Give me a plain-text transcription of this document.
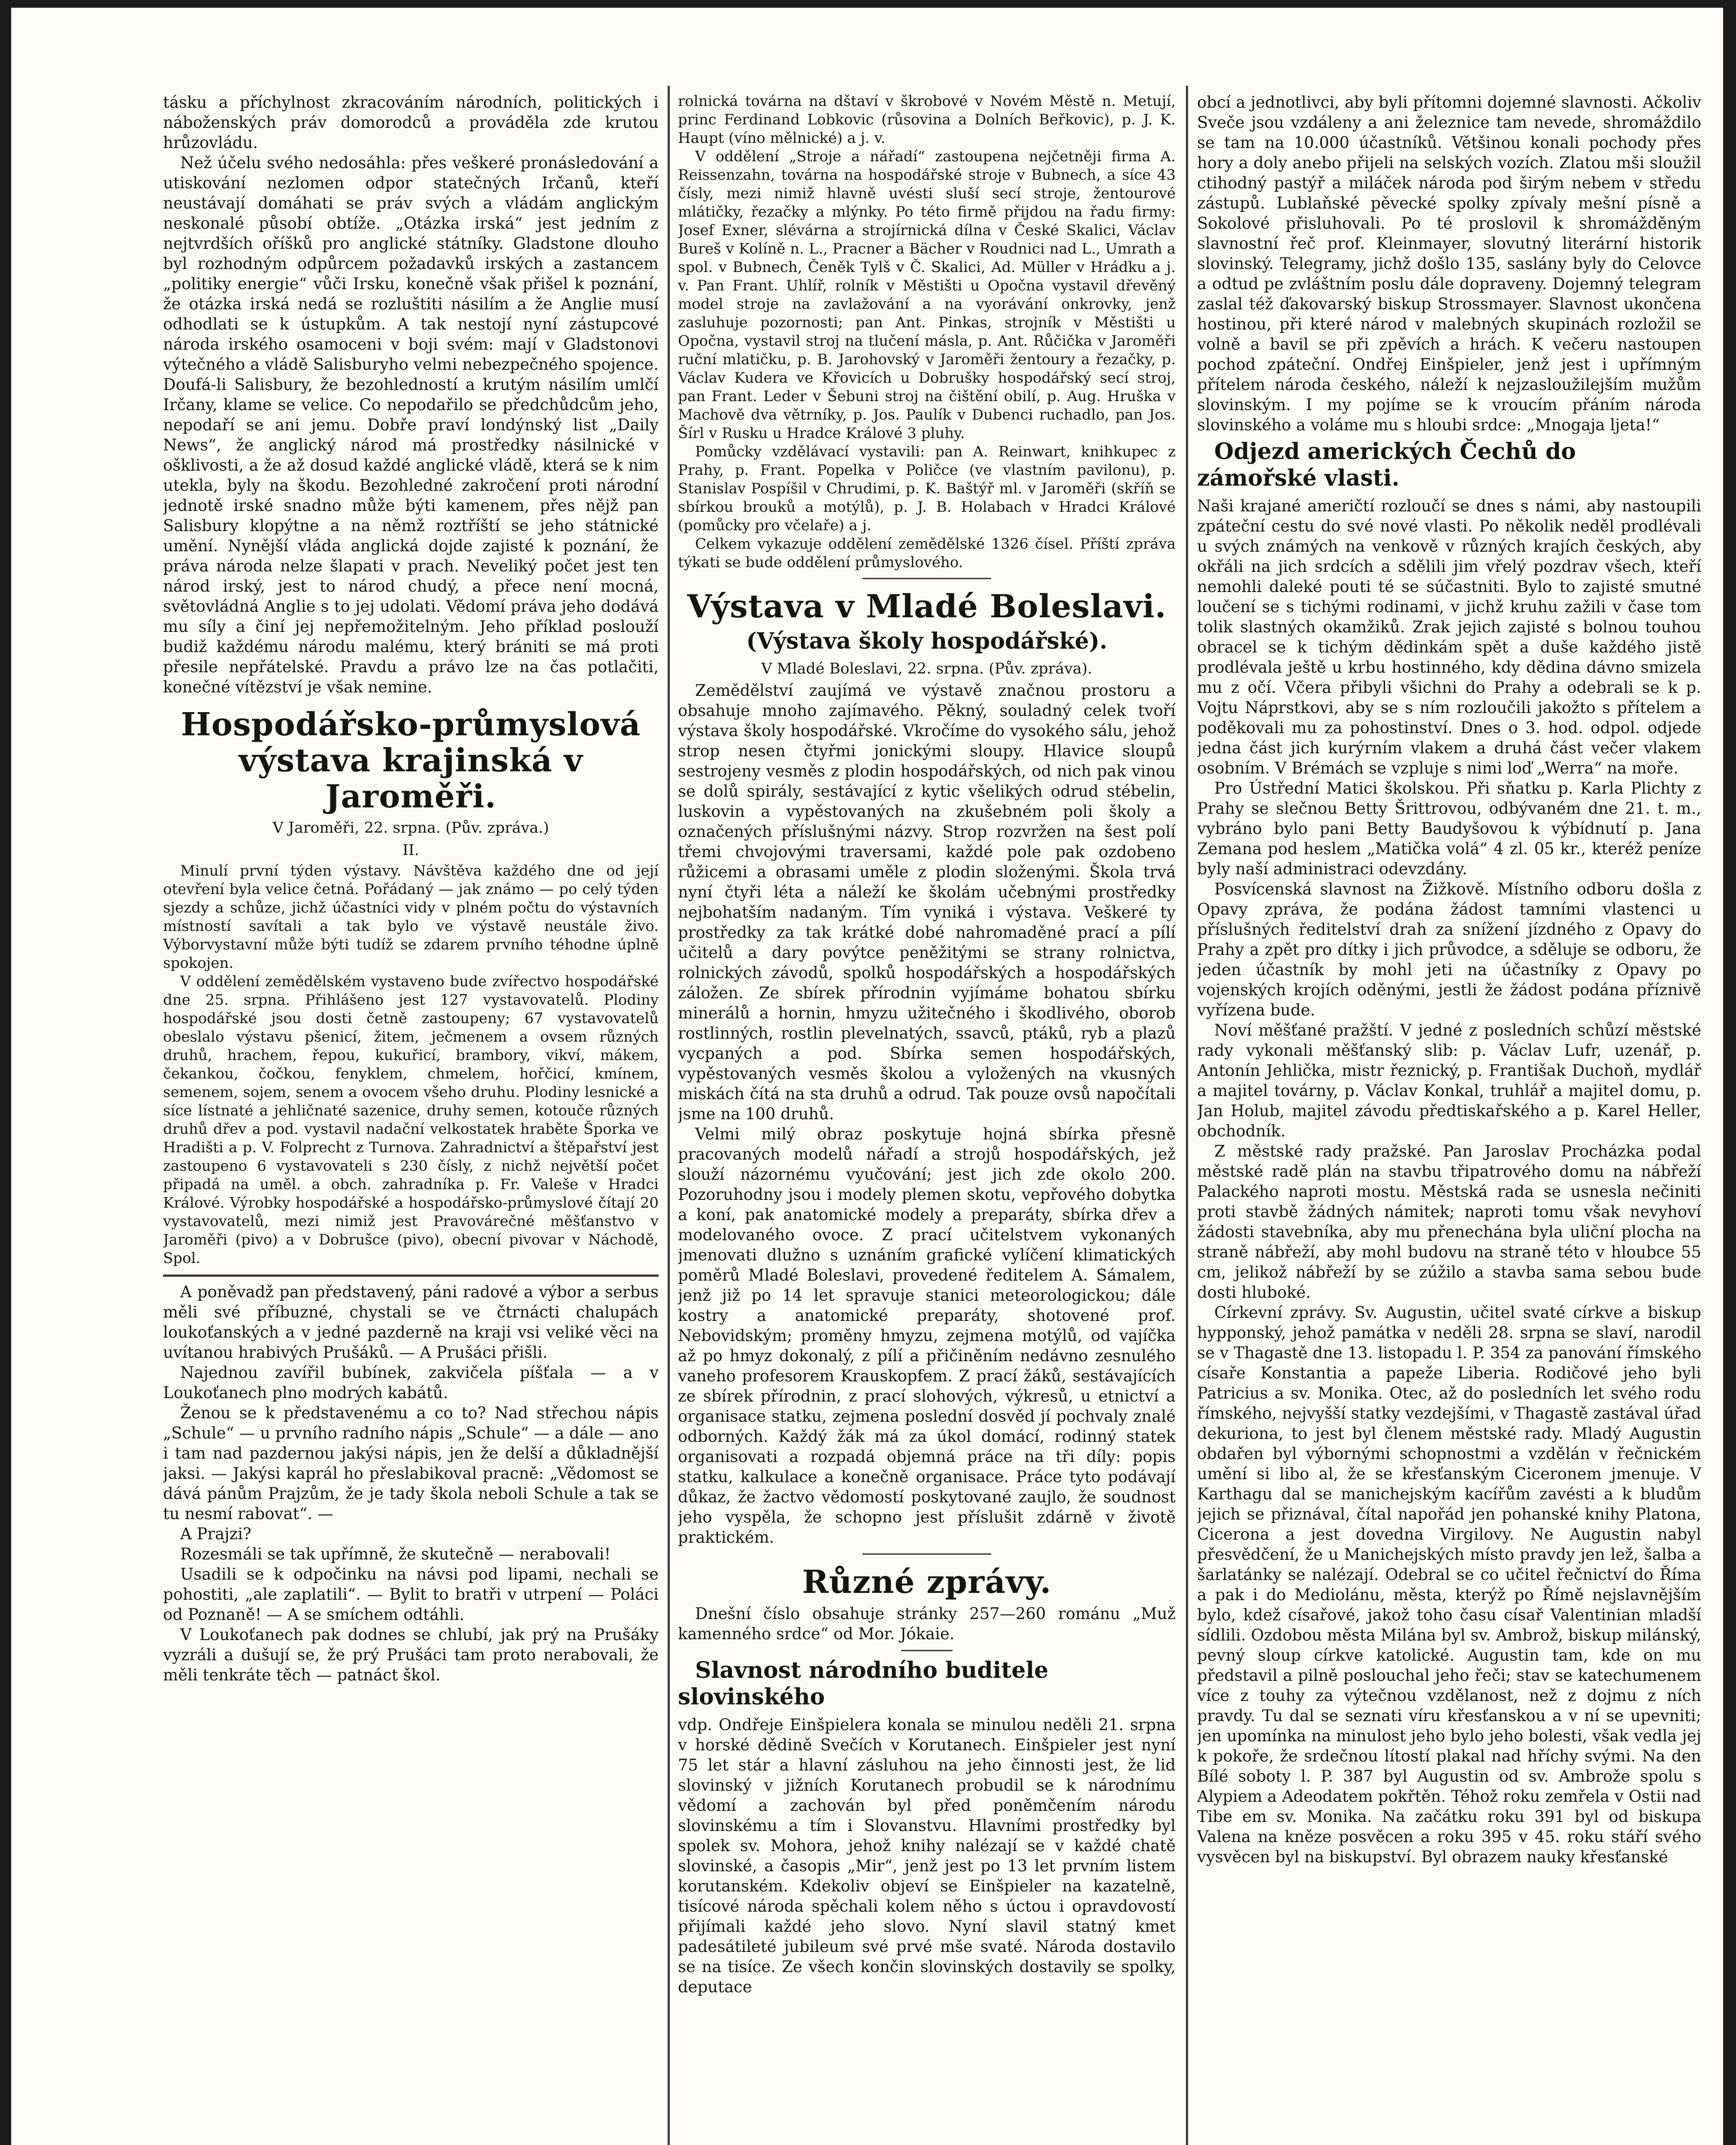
tásku a příchylnost zkracováním národních, politických i náboženských práv domorodců a prováděla zde krutou hrůzovládu.

Než účelu svého nedosáhla: přes veškeré pronásledování a utiskování nezlomen odpor statečných Irčanů, kteří neustávají domáhati se práv svých a vládám anglickým neskonalé působí obtíže. „Otázka irská“ jest jedním z nejtvrdších oříšků pro anglické státníky. Gladstone dlouho byl rozhodným odpůrcem požadavků irských a zastancem „politiky energie“ vůči Irsku, konečně však přišel k poznání, že otázka irská nedá se rozluštiti násilím a že Anglie musí odhodlati se k ústupkům. A tak nestojí nyní zástupcové národa irského osamoceni v boji svém: mají v Gladstonovi výtečného a vládě Salisburyho velmi nebezpečného spojence. Doufá-li Salisbury, že bezohledností a krutým násilím umlčí Irčany, klame se velice. Co nepodařilo se předchůdcům jeho, nepodaří se ani jemu. Dobře praví londýnský list „Daily News“, že anglický národ má prostředky násilnické v ošklivosti, a že až dosud každé anglické vládě, která se k nim utekla, byly na škodu. Bezohledné zakročení proti národní jednotě irské snadno může býti kamenem, přes nějž pan Salisbury klopýtne a na němž roztříští se jeho státnické umění. Nynější vláda anglická dojde zajisté k poznání, že práva národa nelze šlapati v prach. Neveliký počet jest ten národ irský, jest to národ chudý, a přece není mocná, světovládná Anglie s to jej udolati. Vědomí práva jeho dodává mu síly a činí jej nepřemožitelným. Jeho příklad poslouží budiž každému národu malému, který brániti se má proti přesile nepřátelské. Pravdu a právo lze na čas potlačiti, konečné vítězství je však nemine.

Hospodářsko-průmyslová výstava krajinská v Jaroměři.
V Jaroměři, 22. srpna. (Pův. zpráva.)
II.

Minulí první týden výstavy. Návštěva každého dne od její otevření byla velice četná. Pořádaný — jak známo — po celý týden sjezdy a schůze, jichž účastníci vidy v plném počtu do výstavních místností savítali a tak bylo ve výstavě neustále živo. Výborvystavní může býti tudíž se zdarem prvního téhodne úplně spokojen.

V oddělení zemědělském vystaveno bude zvířectvo hospodářské dne 25. srpna. Přihlášeno jest 127 vystavovatelů. Plodiny hospodářské jsou dosti četně zastoupeny; 67 vystavovatelů obeslalo výstavu pšenicí, žitem, ječmenem a ovsem různých druhů, hrachem, řepou, kukuřicí, brambory, vikví, mákem, čekankou, čočkou, fenyklem, chmelem, hořčicí, kmínem, semenem, sojem, senem a ovocem všeho druhu. Plodiny lesnické a síce lístnaté a jehličnaté sazenice, druhy semen, kotouče různých druhů dřev a pod. vystavil nadační velkostatek hraběte Šporka ve Hradišti a p. V. Folprecht z Turnova. Zahradnictví a štěpařství jest zastoupeno 6 vystavovateli s 230 čísly, z nichž největší počet připadá na uměl. a obch. zahradníka p. Fr. Valeše v Hradci Králové. Výrobky hospodářské a hospodářsko-průmyslové čítají 20 vystavovatelů, mezi nimiž jest Pravovárečné měšťanstvo v Jaroměři (pivo) a v Dobrušce (pivo), obecní pivovar v Náchodě, Spol.

A poněvadž pan představený, páni radové a výbor a serbus měli své příbuzné, chystali se ve čtrnácti chalupách loukoťanských a v jedné pazderně na kraji vsi veliké věci na uvítanou hrabivých Prušáků. — A Prušáci přišli.

Najednou zavířil bubínek, zakvičela píšťala — a v Loukoťanech plno modrých kabátů.

Ženou se k představenému a co to? Nad střechou nápis „Schule“ — u prvního radního nápis „Schule“ — a dále — ano i tam nad pazdernou jakýsi nápis, jen že delší a důkladnější jaksi. — Jakýsi kaprál ho přeslabikoval pracně: „Vědomost se dává pánům Prajzům, že je tady škola neboli Schule a tak se tu nesmí rabovat“. —

A Prajzi?

Rozesmáli se tak upřímně, že skutečně — nerabovali!

Usadili se k odpočinku na návsi pod lipami, nechali se pohostiti, „ale zaplatili“. — Bylit to bratři v utrpení — Poláci od Poznaně! — A se smíchem odtáhli.

V Loukoťanech pak dodnes se chlubí, jak prý na Prušáky vyzráli a dušují se, že prý Prušáci tam proto nerabovali, že měli tenkráte těch — patnáct škol.

rolnická továrna na dštaví v škrobové v Novém Městě n. Metují, princ Ferdinand Lobkovic (růsovina a Dolních Beřkovic), p. J. K. Haupt (víno mělnické) a j. v.

V oddělení „Stroje a nářadí“ zastoupena nejčetněji firma A. Reissenzahn, továrna na hospodářské stroje v Bubnech, a síce 43 čísly, mezi nimiž hlavně uvésti sluší secí stroje, žentourové mlátičky, řezačky a mlýnky. Po této firmě přijdou na řadu firmy: Josef Exner, slévárna a strojírnická dílna v České Skalici, Václav Bureš v Kolíně n. L., Pracner a Bächer v Roudnici nad L., Umrath a spol. v Bubnech, Čeněk Tylš v Č. Skalici, Ad. Müller v Hrádku a j. v. Pan Frant. Uhlíř, rolník v Městišti u Opočna vystavil dřevěný model stroje na zavlažování a na vyorávání onkrovky, jenž zasluhuje pozornosti; pan Ant. Pinkas, strojník v Městišti u Opočna, vystavil stroj na tlučení másla, p. Ant. Růčička v Jaroměři ruční mlatičku, p. B. Jarohovský v Jaroměři žentoury a řezačky, p. Václav Kudera ve Křovicích u Dobrušky hospodářský secí stroj, pan Frant. Leder v Šebuni stroj na čištění obilí, p. Aug. Hruška v Machově dva větrníky, p. Jos. Paulík v Dubenci ruchadlo, pan Jos. Šírl v Rusku u Hradce Králové 3 pluhy.

Pomůcky vzdělávací vystavili: pan A. Reinwart, knihkupec z Prahy, p. Frant. Popelka v Poličce (ve vlastním pavilonu), p. Stanislav Pospíšil v Chrudimi, p. K. Baštýř ml. v Jaroměři (skříň se sbírkou brouků a motýlů), p. J. B. Holabach v Hradci Králové (pomůcky pro včelaře) a j.

Celkem vykazuje oddělení zemědělské 1326 čísel. Příští zpráva týkati se bude oddělení průmyslového.

Výstava v Mladé Boleslavi.
(Výstava školy hospodářské).
V Mladé Boleslavi, 22. srpna. (Pův. zpráva).

Zemědělství zaujímá ve výstavě značnou prostoru a obsahuje mnoho zajímavého. Pěkný, souladný celek tvoří výstava školy hospodářské. Vkročíme do vysokého sálu, jehož strop nesen čtyřmi jonickými sloupy. Hlavice sloupů sestrojeny vesměs z plodin hospodářských, od nich pak vinou se dolů spirály, sestávající z kytic všelikých odrud stébelin, luskovin a vypěstovaných na zkušebném poli školy a označených příslušnými názvy. Strop rozvržen na šest polí třemi chvojovými traversami, každé pole pak ozdobeno růžicemi a obrasami uměle z plodin složenými. Škola trvá nyní čtyři léta a náleží ke školám učebnými prostředky nejbohatším nadaným. Tím vyniká i výstava. Veškeré ty prostředky za tak krátké dobé nahromaděné prací a pílí učitelů a dary povýtce peněžitými se strany rolnictva, rolnických závodů, spolků hospodářských a hospodářských záložen. Ze sbírek přírodnin vyjímáme bohatou sbírku minerálů a hornin, hmyzu užitečného i škodlivého, oborob rostlinných, rostlin plevelnatých, ssavců, ptáků, ryb a plazů vycpaných a pod. Sbírka semen hospodářských, vypěstovaných vesměs školou a vyložených na vkusných miskách čítá na sta druhů a odrud. Tak pouze ovsů napočítali jsme na 100 druhů.

Velmi milý obraz poskytuje hojná sbírka přesně pracovaných modelů nářadí a strojů hospodářských, jež slouží názornému vyučování; jest jich zde okolo 200. Pozoruhodny jsou i modely plemen skotu, vepřového dobytka a koní, pak anatomické modely a preparáty, sbírka dřev a modelovaného ovoce. Z prací učitelstvem vykonaných jmenovati dlužno s uznáním grafické vylíčení klimatických poměrů Mladé Boleslavi, provedené ředitelem A. Sámalem, jenž již po 14 let spravuje stanici meteorologickou; dále kostry a anatomické preparáty, shotovené prof. Nebovidským; proměny hmyzu, zejmena motýlů, od vajíčka až po hmyz dokonalý, z pílí a přičiněním nedávno zesnulého vaneho profesorem Krauskopfem. Z prací žáků, sestávajících ze sbírek přírodnin, z prací slohových, výkresů, u etnictví a organisace statku, zejmena poslední dosvěd jí pochvaly znalé odborných. Každý žák má za úkol domácí, rodinný statek organisovati a rozpadá objemná práce na tři díly: popis statku, kalkulace a konečně organisace. Práce tyto podávají důkaz, že žactvo vědomostí poskytované zaujlo, že soudnost jeho vyspěla, že schopno jest příslušit zdárně v životě praktickém.

Různé zprávy.

Dnešní číslo obsahuje stránky 257—260 románu „Muž kamenného srdce“ od Mor. Jókaie.

Slavnost národního buditele slovinského

vdp. Ondřeje Einšpielera konala se minulou neděli 21. srpna v horské dědině Svečích v Korutanech. Einšpieler jest nyní 75 let stár a hlavní zásluhou na jeho činnosti jest, že lid slovinský v jižních Korutanech probudil se k národnímu vědomí a zachován byl před poněmčením národu slovinskému a tím i Slovanstvu. Hlavními prostředky byl spolek sv. Mohora, jehož knihy nalézají se v každé chatě slovinské, a časopis „Mir“, jenž jest po 13 let prvním listem korutanském. Kdekoliv objeví se Einšpieler na kazatelně, tisícové národa spěchali kolem něho s úctou i opravdovostí přijímali každé jeho slovo. Nyní slavil statný kmet padesátileté jubileum své prvé mše svaté. Národa dostavilo se na tisíce. Ze všech končin slovinských dostavily se spolky, deputace

obcí a jednotlivci, aby byli přítomni dojemné slavnosti. Ačkoliv Sveče jsou vzdáleny a ani železnice tam nevede, shromáždilo se tam na 10.000 účastníků. Většinou konali pochody přes hory a doly anebo přijeli na selských vozích. Zlatou mši sloužil ctihodný pastýř a miláček národa pod širým nebem v středu zástupů. Lublaňské pěvecké spolky zpívaly mešní písně a Sokolové přisluhovali. Po té proslovil k shromážděným slavnostní řeč prof. Kleinmayer, slovutný literární historik slovinský. Telegramy, jichž došlo 135, saslány byly do Celovce a odtud pe zvláštním poslu dále dopraveny. Dojemný telegram zaslal též ďakovarský biskup Strossmayer. Slavnost ukončena hostinou, při které národ v malebných skupinách rozložil se volně a bavil se při zpěvích a hrách. K večeru nastoupen pochod zpáteční. Ondřej Einšpieler, jenž jest i upřímným přítelem národa českého, náleží k nejzasloužilejším mužům slovinským. I my pojíme se k vroucím přáním národa slovinského a voláme mu s hloubi srdce: „Mnogaja ljeta!“

Odjezd amerických Čechů do zámořské vlasti.

Naši krajané američtí rozloučí se dnes s námi, aby nastoupili zpáteční cestu do své nové vlasti. Po několik neděl prodlévali u svých známých na venkově v různých krajích českých, aby okřáli na jich srdcích a sdělili jim vřelý pozdrav všech, kteří nemohli daleké pouti té se súčastniti. Bylo to zajisté smutné loučení se s tichými rodinami, v jichž kruhu zažili v čase tom tolik slastných okamžiků. Zrak jejich zajisté s bolnou touhou obracel se k tichým dědinkám spět a duše každého jistě prodlévala ještě u krbu hostinného, kdy dědina dávno smizela mu z očí. Včera přibyli všichni do Prahy a odebrali se k p. Vojtu Náprstkovi, aby se s ním rozloučili jakožto s přítelem a poděkovali mu za pohostinství. Dnes o 3. hod. odpol. odjede jedna část jich kurýrním vlakem a druhá část večer vlakem osobním. V Brémách se vzpluje s nimi loď „Werra“ na moře.

Pro Ústřední Matici školskou. Při sňatku p. Karla Plichty z Prahy se slečnou Betty Šrittrovou, odbývaném dne 21. t. m., vybráno bylo pani Betty Baudyšovou k výbídnutí p. Jana Zemana pod heslem „Matička volá“ 4 zl. 05 kr., kteréž peníze byly naší administraci odevzdány.

Posvícenská slavnost na Žižkově. Místního odboru došla z Opavy zpráva, že podána žádost tamními vlastenci u příslušných ředitelství drah za snížení jízdného z Opavy do Prahy a zpět pro dítky i jich průvodce, a sděluje se odboru, že jeden účastník by mohl jeti na účastníky z Opavy po vojenských krojích oděnými, jestli že žádost podána příznivě vyřízena bude.

Noví měšťané pražští. V jedné z posledních schůzí městské rady vykonali měšťanský slib: p. Václav Lufr, uzenář, p. Antonín Jehlička, mistr řeznický, p. Františak Duchoň, mydlář a majitel továrny, p. Václav Konkal, truhlář a majitel domu, p. Jan Holub, majitel závodu předtiskařského a p. Karel Heller, obchodník.

Z městské rady pražské. Pan Jaroslav Procházka podal městské radě plán na stavbu třipatrového domu na nábřeží Palackého naproti mostu. Městská rada se usnesla nečiniti proti stavbě žádných námitek; naproti tomu však nevyhoví žádosti stavebníka, aby mu přenechána byla uliční plocha na straně nábřeží, aby mohl budovu na straně této v hloubce 55 cm, jelikož nábřeží by se zúžilo a stavba sama sebou bude dosti hluboké.

Církevní zprávy. Sv. Augustin, učitel svaté církve a biskup hypponský, jehož památka v neděli 28. srpna se slaví, narodil se v Thagastě dne 13. listopadu l. P. 354 za panování římského císaře Konstantia a papeže Liberia. Rodičové jeho byli Patricius a sv. Monika. Otec, až do posledních let svého rodu římského, nejvyšší statky vezdejšími, v Thagastě zastával úřad dekuriona, to jest byl členem městské rady. Mladý Augustin obdařen byl výbornými schopnostmi a vzdělán v řečnickém umění si libo al, že se křesťanským Ciceronem jmenuje. V Karthagu dal se manichejským kacířům zavésti a k bludům jejich se přiznával, čítal napořád jen pohanské knihy Platona, Cicerona a jest dovedna Virgilovy. Ne Augustin nabyl přesvědčení, že u Manichejských místo pravdy jen lež, šalba a šarlatánky se nalézají. Odebral se co učitel řečnictví do Říma a pak i do Mediolánu, města, kterýž po Římě nejslavnějším bylo, kdež císařové, jakož toho času císař Valentinian mladší sídlili. Ozdobou města Milána byl sv. Ambrož, biskup milánský, pevný sloup církve katolické. Augustin tam, kde on mu představil a pilně poslouchal jeho řeči; stav se katechumenem více z touhy za výtečnou vzdělanost, než z dojmu z ních pravdy. Tu dal se seznati víru křesťanskou a v ní se upevniti; jen upomínka na minulost jeho bylo jeho bolesti, však vedla jej k pokoře, že srdečnou lítostí plakal nad hříchy svými. Na den Bílé soboty l. P. 387 byl Augustin od sv. Ambrože spolu s Alypiem a Adeodatem pokřtěn. Téhož roku zemřela v Ostii nad Tibe em sv. Monika. Na začátku roku 391 byl od biskupa Valena na kněze posvěcen a roku 395 v 45. roku stáří svého vysvěcen byl na biskupství. Byl obrazem nauky křesťanské
